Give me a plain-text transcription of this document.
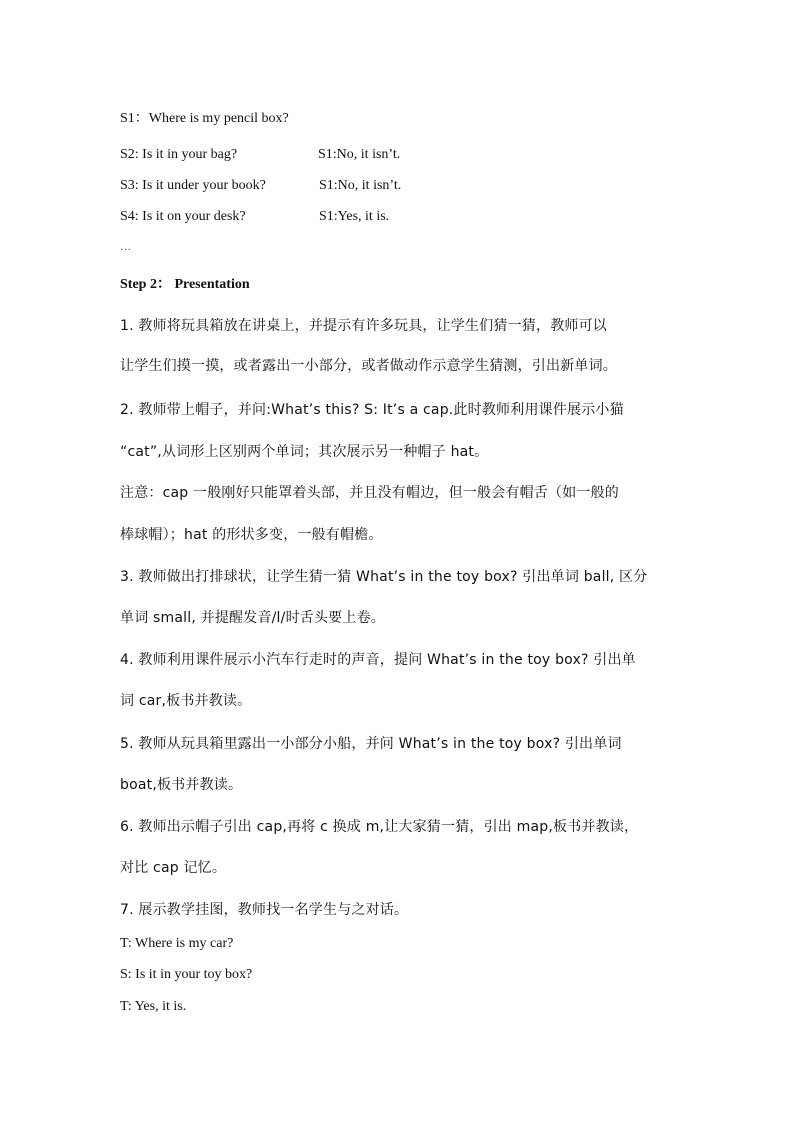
S1：Where is my pencil box?
S2: Is it in your bag?	S1:No, it isn’t.
S3: Is it under your book?	S1:No, it isn’t.
S4: Is it on your desk?	S1:Yes, it is.
…
Step 2： Presentation
1. 教师将玩具箱放在讲桌上，并提示有许多玩具，让学生们猜一猜，教师可以
让学生们摸一摸，或者露出一小部分，或者做动作示意学生猜测，引出新单词。
2. 教师带上帽子，并问:What’s this? S: It’s a cap.此时教师利用课件展示小猫
“cat”,从词形上区别两个单词；其次展示另一种帽子 hat。
注意：cap 一般刚好只能罩着头部，并且没有帽边，但一般会有帽舌（如一般的
棒球帽）；hat 的形状多变，一般有帽檐。
3. 教师做出打排球状，让学生猜一猜 What’s in the toy box? 引出单词 ball, 区分
单词 small, 并提醒发音/l/时舌头要上卷。
4. 教师利用课件展示小汽车行走时的声音，提问 What’s in the toy box? 引出单
词 car,板书并教读。
5. 教师从玩具箱里露出一小部分小船，并问 What’s in the toy box? 引出单词
boat,板书并教读。
6. 教师出示帽子引出 cap,再将 c 换成 m,让大家猜一猜，引出 map,板书并教读，
对比 cap 记忆。
7. 展示教学挂图，教师找一名学生与之对话。
T: Where is my car?
S: Is it in your toy box?
T: Yes, it is.
